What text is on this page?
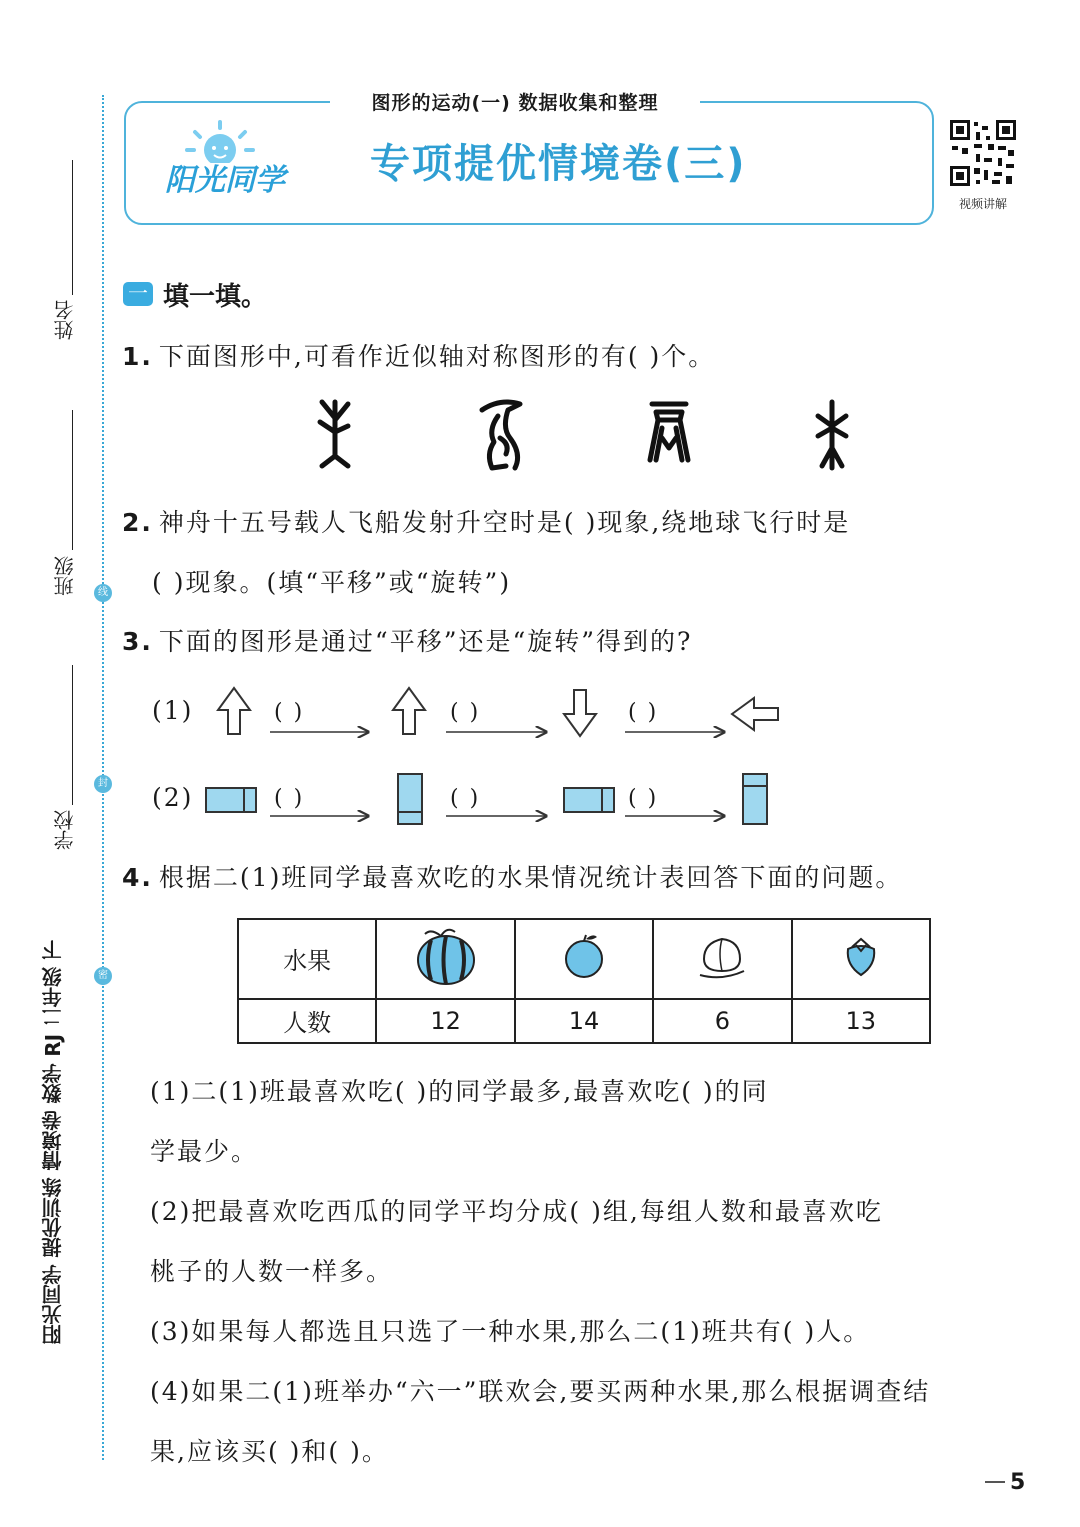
线
封
密
姓名
班级
学校
阳光同学 提优训练 情境卷 数学 RJ 二年级 下
图形的运动(一) 数据收集和整理
阳光同学 专项提优情境卷(三)
视频讲解
一 填一填。
1. 下面图形中,可看作近似轴对称图形的有( )个。
2. 神舟十五号载人飞船发射升空时是( )现象,绕地球飞行时是
( )现象。(填“平移”或“旋转”)
3. 下面的图形是通过“平移”还是“旋转”得到的?
(1)
(2)
( )	( )	( )
( )	( )	( )
4. 根据二(1)班同学最喜欢吃的水果情况统计表回答下面的问题。
水果				
人数	12	14	6	13
(1)二(1)班最喜欢吃( )的同学最多,最喜欢吃( )的同
学最少。
(2)把最喜欢吃西瓜的同学平均分成( )组,每组人数和最喜欢吃
桃子的人数一样多。
(3)如果每人都选且只选了一种水果,那么二(1)班共有( )人。
(4)如果二(1)班举办“六一”联欢会,要买两种水果,那么根据调查结
果,应该买( )和( )。
5
